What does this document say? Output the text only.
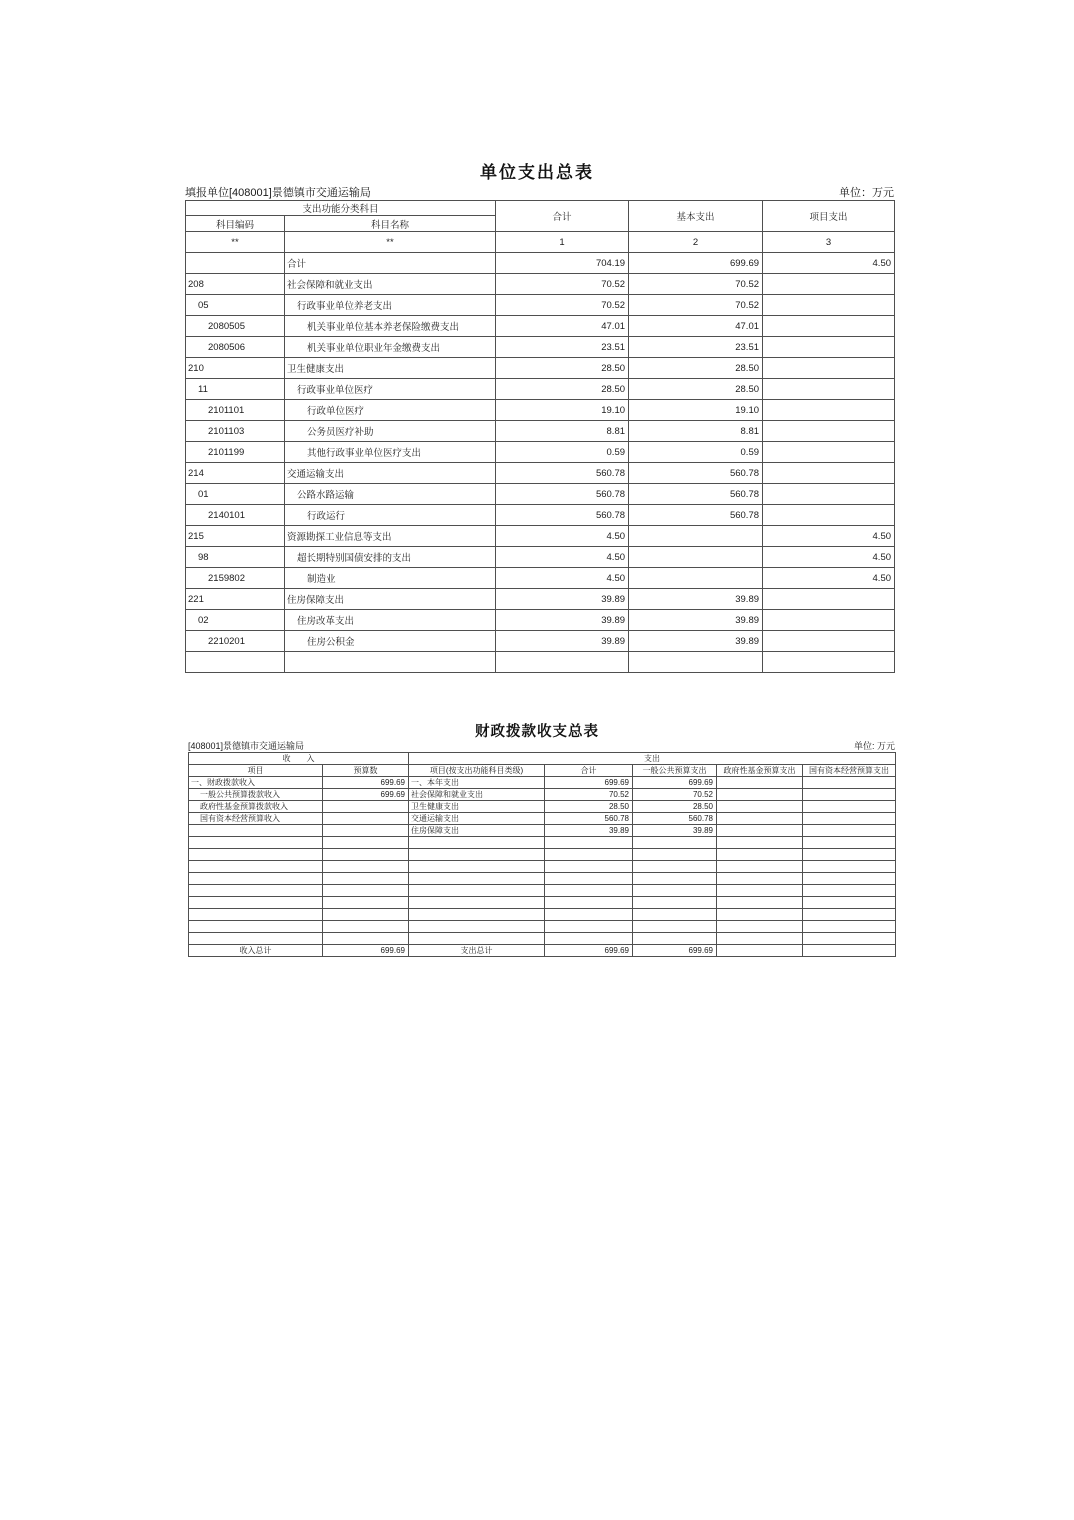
单位支出总表
填报单位[408001]景德镇市交通运输局	单位：万元
支出功能分类科目		合计	基本支出	项目支出
科目编码	科目名称			
**	**	1	2	3
	合计	704.19	699.69	4.50
208	社会保障和就业支出	70.52	70.52	
05	行政事业单位养老支出	70.52	70.52	
2080505	机关事业单位基本养老保险缴费支出	47.01	47.01	
2080506	机关事业单位职业年金缴费支出	23.51	23.51	
210	卫生健康支出	28.50	28.50	
11	行政事业单位医疗	28.50	28.50	
2101101	行政单位医疗	19.10	19.10	
2101103	公务员医疗补助	8.81	8.81	
2101199	其他行政事业单位医疗支出	0.59	0.59	
214	交通运输支出	560.78	560.78	
01	公路水路运输	560.78	560.78	
2140101	行政运行	560.78	560.78	
215	资源勘探工业信息等支出	4.50		4.50
98	超长期特别国债安排的支出	4.50		4.50
2159802	制造业	4.50		4.50
221	住房保障支出	39.89	39.89	
02	住房改革支出	39.89	39.89	
2210201	住房公积金	39.89	39.89	

财政拨款收支总表
[408001]景德镇市交通运输局	单位: 万元
收　　入		支出				
项目	预算数	项目(按支出功能科目类级)	合计	一般公共预算支出	政府性基金预算支出	国有资本经营预算支出
一、财政拨款收入	699.69	一、本年支出	699.69	699.69		
一般公共预算拨款收入	699.69	社会保障和就业支出	70.52	70.52		
政府性基金预算拨款收入		卫生健康支出	28.50	28.50		
国有资本经营预算收入		交通运输支出	560.78	560.78		
		住房保障支出	39.89	39.89		

收入总计	699.69	支出总计	699.69	699.69		
